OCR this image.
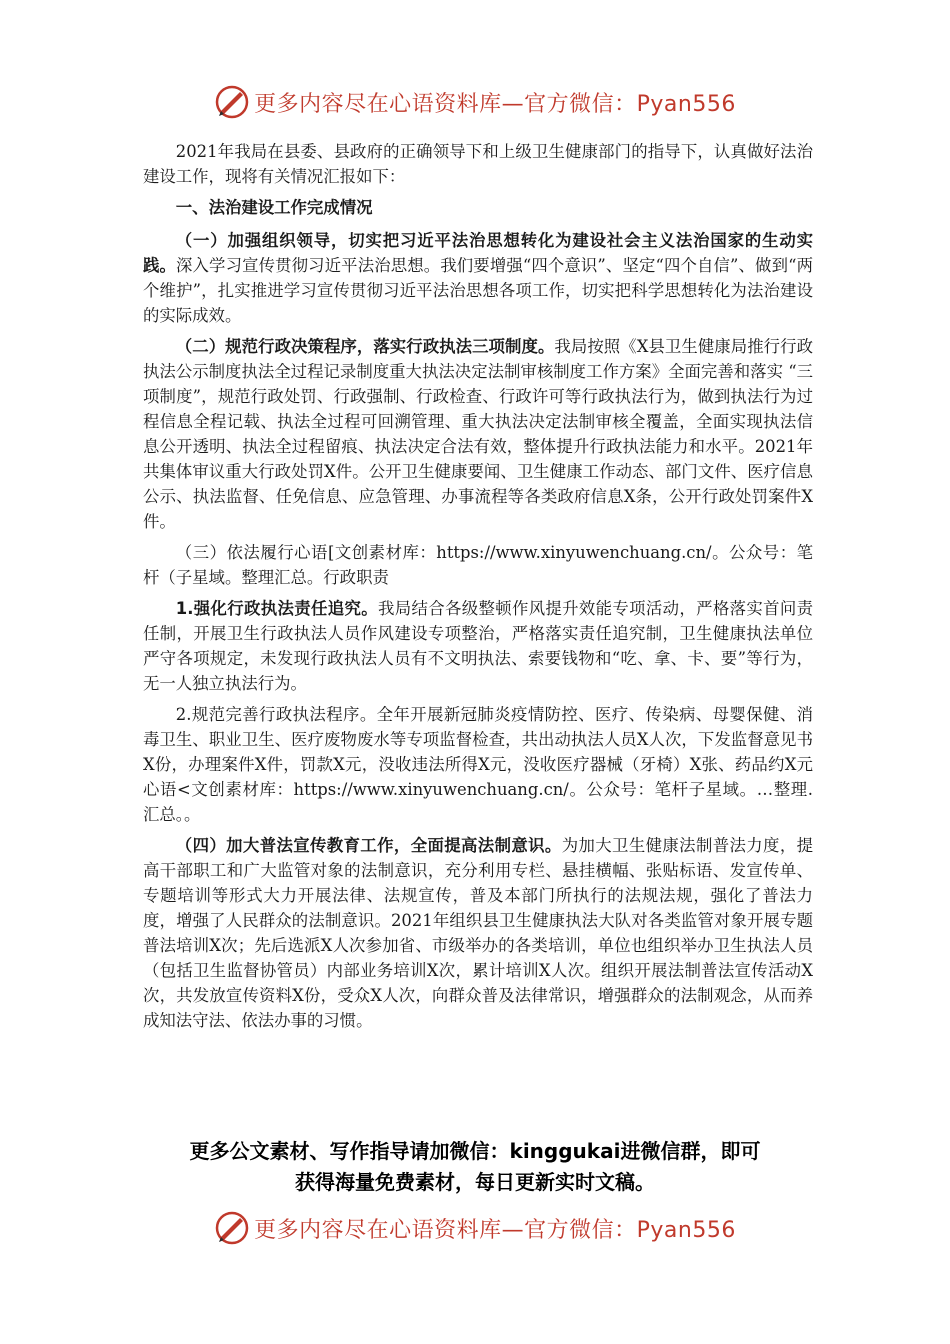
更多内容尽在心语资料库—官方微信：Pyan556

2021年我局在县委、县政府的正确领导下和上级卫生健康部门的指导下，认真做好法治建设工作，现将有关情况汇报如下：

一、法治建设工作完成情况

（一）加强组织领导，切实把习近平法治思想转化为建设社会主义法治国家的生动实践。深入学习宣传贯彻习近平法治思想。我们要增强“四个意识”、坚定“四个自信”、做到“两个维护”，扎实推进学习宣传贯彻习近平法治思想各项工作，切实把科学思想转化为法治建设的实际成效。

（二）规范行政决策程序，落实行政执法三项制度。我局按照《X县卫生健康局推行行政执法公示制度执法全过程记录制度重大执法决定法制审核制度工作方案》全面完善和落实 “三项制度”，规范行政处罚、行政强制、行政检查、行政许可等行政执法行为，做到执法行为过程信息全程记载、执法全过程可回溯管理、重大执法决定法制审核全覆盖，全面实现执法信息公开透明、执法全过程留痕、执法决定合法有效，整体提升行政执法能力和水平。2021年共集体审议重大行政处罚X件。公开卫生健康要闻、卫生健康工作动态、部门文件、医疗信息公示、执法监督、任免信息、应急管理、办事流程等各类政府信息X条，公开行政处罚案件X件。

（三）依法履行心语[文创素材库：https://www.xinyuwenchuang.cn/。公众号：笔杆（子星域。整理汇总。行政职责

1.强化行政执法责任追究。我局结合各级整顿作风提升效能专项活动，严格落实首问责任制，开展卫生行政执法人员作风建设专项整治，严格落实责任追究制，卫生健康执法单位严守各项规定，未发现行政执法人员有不文明执法、索要钱物和“吃、拿、卡、要”等行为，无一人独立执法行为。

2.规范完善行政执法程序。全年开展新冠肺炎疫情防控、医疗、传染病、母婴保健、消毒卫生、职业卫生、医疗废物废水等专项监督检查，共出动执法人员X人次，下发监督意见书X份，办理案件X件，罚款X元，没收违法所得X元，没收医疗器械（牙椅）X张、药品约X元心语<文创素材库：https://www.xinyuwenchuang.cn/。公众号：笔杆子星域。…整理.汇总。。

（四）加大普法宣传教育工作，全面提高法制意识。为加大卫生健康法制普法力度，提高干部职工和广大监管对象的法制意识，充分利用专栏、悬挂横幅、张贴标语、发宣传单、专题培训等形式大力开展法律、法规宣传，普及本部门所执行的法规法规，强化了普法力度，增强了人民群众的法制意识。2021年组织县卫生健康执法大队对各类监管对象开展专题普法培训X次；先后选派X人次参加省、市级举办的各类培训，单位也组织举办卫生执法人员（包括卫生监督协管员）内部业务培训X次，累计培训X人次。组织开展法制普法宣传活动X次，共发放宣传资料X份，受众X人次，向群众普及法律常识，增强群众的法制观念，从而养成知法守法、依法办事的习惯。

更多公文素材、写作指导请加微信：kinggukai进微信群，即可
获得海量免费素材，每日更新实时文稿。
更多内容尽在心语资料库—官方微信：Pyan556
